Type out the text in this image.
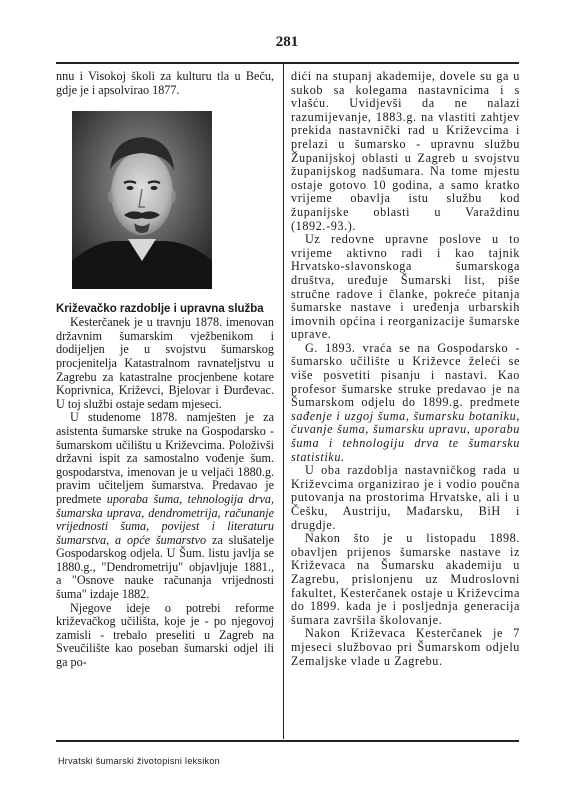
281

nnu i Visokoj školi za kulturu tla u Beču, gdje je i apsolvirao 1877.

Križevačko razdoblje i upravna služba

Kesterčanek je u travnju 1878. imenovan državnim šumarskim vježbenikom i dodijeljen je u svojstvu šumarskog procjenitelja Katastralnom ravnateljstvu u Zagrebu za katastralne procjenbene kotare Koprivnica, Križevci, Bjelovar i Đurđevac. U toj službi ostaje sedam mjeseci.

U studenome 1878. namješten je za asistenta šumarske struke na Gospodarsko - šumarskom učilištu u Križevcima. Položivši državni ispit za samostalno vođenje šum. gospodarstva, imenovan je u veljači 1880.g. pravim učiteljem šumarstva. Predavao je predmete uporaba šuma, tehnologija drva, šumarska uprava, dendrometrija, računanje vrijednosti šuma, povijest i literaturu šumarstva, a opće šumarstvo za slušatelje Gospodarskog odjela. U Šum. listu javlja se 1880.g., "Dendrometriju" objavljuje 1881., a "Osnove nauke računanja vrijednosti šuma" izdaje 1882.

Njegove ideje o potrebi reforme križevačkog učilišta, koje je - po njegovoj zamisli - trebalo preseliti u Zagreb na Sveučilište kao poseban šumarski odjel ili ga po-

dići na stupanj akademije, dovele su ga u sukob sa kolegama nastavnicima i s vlašću. Uvidjevši da ne nalazi razumijevanje, 1883.g. na vlastiti zahtjev prekida nastavnički rad u Križevcima i prelazi u šumarsko - upravnu službu Županijskoj oblasti u Zagreb u svojstvu županijskog nadšumara. Na tome mjestu ostaje gotovo 10 godina, a samo kratko vrijeme obavlja istu službu kod županijske oblasti u Varaždinu (1892.-93.).

Uz redovne upravne poslove u to vrijeme aktivno radi i kao tajnik Hrvatsko-slavonskoga šumarskoga društva, uređuje Šumarski list, piše stručne radove i članke, pokreće pitanja šumarske nastave i uređenja urbarskih imovnih općina i reorganizacije šumarske uprave.

G. 1893. vraća se na Gospodarsko - šumarsko učilište u Križevce želeći se više posvetiti pisanju i nastavi. Kao profesor šumarske struke predavao je na Šumarskom odjelu do 1899.g. predmete sađenje i uzgoj šuma, šumarsku botaniku, čuvanje šuma, šumarsku upravu, uporabu šuma i tehnologiju drva te šumarsku statistiku.

U oba razdoblja nastavničkog rada u Križevcima organizirao je i vodio poučna putovanja na prostorima Hrvatske, ali i u Češku, Austriju, Mađarsku, BiH i drugdje.

Nakon što je u listopadu 1898. obavljen prijenos šumarske nastave iz Križevaca na Šumarsku akademiju u Zagrebu, prislonjenu uz Mudroslovni fakultet, Kesterčanek ostaje u Križevcima do 1899. kada je i posljednja generacija šumara završila školovanje.

Nakon Križevaca Kesterčanek je 7 mjeseci službovao pri Šumarskom odjelu Zemaljske vlade u Zagrebu.

Hrvatski šumarski životopisni leksikon
